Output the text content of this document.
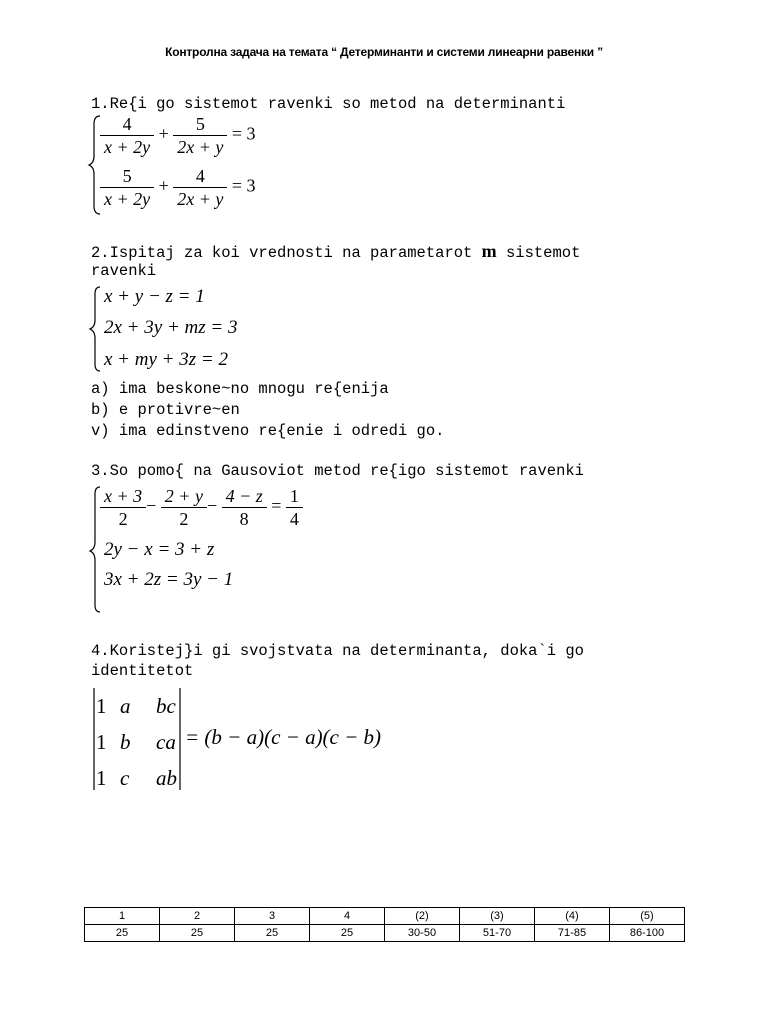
Контролна задача на темата “ Детерминанти и системи линеарни равенки ”
1.Re{i go sistemot ravenki so metod na determinanti
$\frac{4}{x + 2y} + \frac{5}{2x + y} = 3$
$\frac{5}{x + 2y} + \frac{4}{2x + y} = 3$
2.Ispitaj za koi vrednosti na parametarot m sistemot
ravenki
x + y − z = 1
2x + 3y + mz = 3
x + my + 3z = 2
a) ima beskone~no mnogu re{enija
b) e protivre~en
v) ima edinstveno re{enie i odredi go.
3.So pomo{ na Gausoviot metod re{igo sistemot ravenki
$\frac{x + 3}{2} - \frac{2 + y}{2} - \frac{4 - z}{8} = \frac{1}{4}$
2y − x = 3 + z
3x + 2z = 3y − 1
4.Koristej}i gi svojstvata na determinanta, doka`i go
identitetot
1 a bc
1 b ca
1 c ab
= (b − a)(c − a)(c − b)
1	2	3	4	(2)	(3)	(4)	(5)
25	25	25	25	30-50	51-70	71-85	86-100
